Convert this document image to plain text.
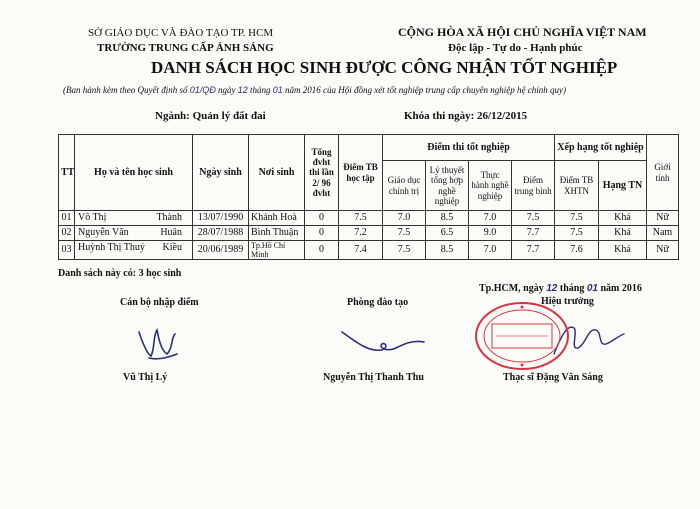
SỞ GIÁO DỤC VÀ ĐÀO TẠO TP. HCM
TRƯỜNG TRUNG CẤP ÁNH SÁNG
CỘNG HÒA XÃ HỘI CHỦ NGHĨA VIỆT NAM
Độc lập - Tự do - Hạnh phúc
DANH SÁCH HỌC SINH ĐƯỢC CÔNG NHẬN TỐT NGHIỆP
(Ban hành kèm theo Quyết định số 01/QĐ ngày 12 tháng 01 năm 2016 của Hội đồng xét tốt nghiệp trung cấp chuyên nghiệp hệ chính quy)
Ngành: Quản lý đất đai	Khóa thi ngày: 26/12/2015
TT	Họ và tên học sinh	Ngày sinh	Nơi sinh	Tổng đvht thi lần 2/ 96 đvht	Điểm TB học tập	Điểm thi tốt nghiệp				Xếp hạng tốt nghiệp		Giới tính
						Giáo dục chính trị	Lý thuyết tổng hợp nghề nghiệp	Thực hành nghề nghiệp	Điểm trung bình	Điểm TB XHTN	Hạng TN	
01	Võ Thị Thành	13/07/1990	Khánh Hoà	0	7.5	7.0	8.5	7.0	7.5	7.5	Khá	Nữ
02	Nguyễn Văn Huân	28/07/1988	Bình Thuận	0	7.2	7.5	6.5	9.0	7.7	7.5	Khá	Nam
03	Huỳnh Thị Thuý Kiều	20/06/1989	Tp.Hồ Chí Minh	0	7.4	7.5	8.5	7.0	7.7	7.6	Khá	Nữ
Danh sách này có: 3 học sinh
Tp.HCM, ngày 12 tháng 01 năm 2016
Cán bộ nhập điểm	Phòng đào tạo	Hiệu trưởng
Vũ Thị Lý	Nguyễn Thị Thanh Thu	Thạc sĩ Đặng Văn Sáng
